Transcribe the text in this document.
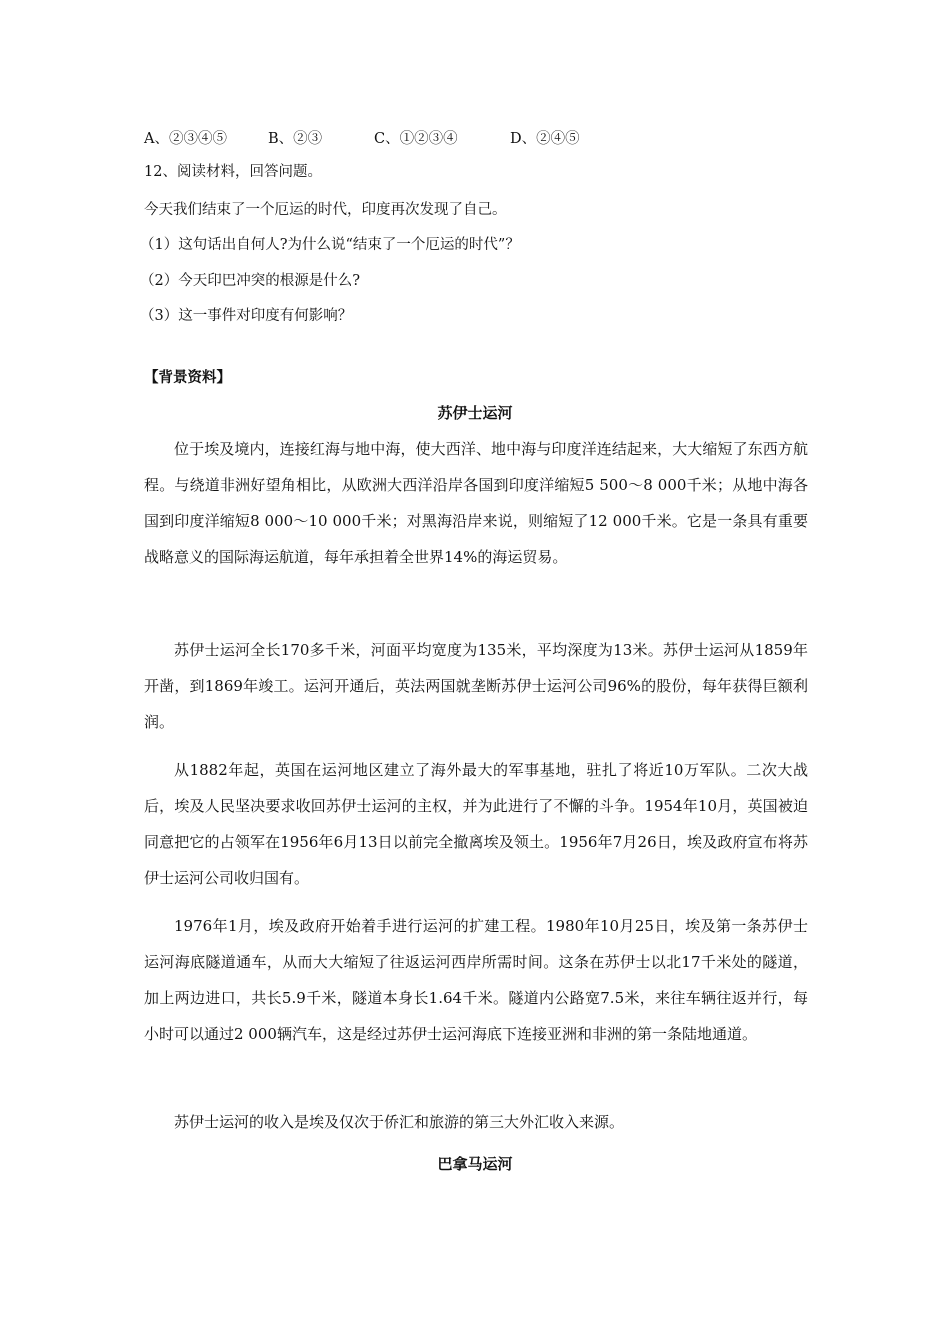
A、②③④⑤	B、②③	C、①②③④	D、②④⑤
12、阅读材料，回答问题。
今天我们结束了一个厄运的时代，印度再次发现了自己。
（1）这句话出自何人?为什么说“结束了一个厄运的时代”？
（2）今天印巴冲突的根源是什么?
（3）这一事件对印度有何影响？
【背景资料】
苏伊士运河

位于埃及境内，连接红海与地中海，使大西洋、地中海与印度洋连结起来，大大缩短了东西方航程。与绕道非洲好望角相比，从欧洲大西洋沿岸各国到印度洋缩短5 500～8 000千米；从地中海各国到印度洋缩短8 000～10 000千米；对黑海沿岸来说，则缩短了12 000千米。它是一条具有重要战略意义的国际海运航道，每年承担着全世界14%的海运贸易。

苏伊士运河全长170多千米，河面平均宽度为135米，平均深度为13米。苏伊士运河从1859年开凿，到1869年竣工。运河开通后，英法两国就垄断苏伊士运河公司96%的股份，每年获得巨额利润。

从1882年起，英国在运河地区建立了海外最大的军事基地，驻扎了将近10万军队。二次大战后，埃及人民坚决要求收回苏伊士运河的主权，并为此进行了不懈的斗争。1954年10月，英国被迫同意把它的占领军在1956年6月13日以前完全撤离埃及领土。1956年7月26日，埃及政府宣布将苏伊士运河公司收归国有。

1976年1月，埃及政府开始着手进行运河的扩建工程。1980年10月25日，埃及第一条苏伊士运河海底隧道通车，从而大大缩短了往返运河西岸所需时间。这条在苏伊士以北17千米处的隧道，加上两边进口，共长5.9千米，隧道本身长1.64千米。隧道内公路宽7.5米，来往车辆往返并行，每小时可以通过2 000辆汽车，这是经过苏伊士运河海底下连接亚洲和非洲的第一条陆地通道。

苏伊士运河的收入是埃及仅次于侨汇和旅游的第三大外汇收入来源。

巴拿马运河
